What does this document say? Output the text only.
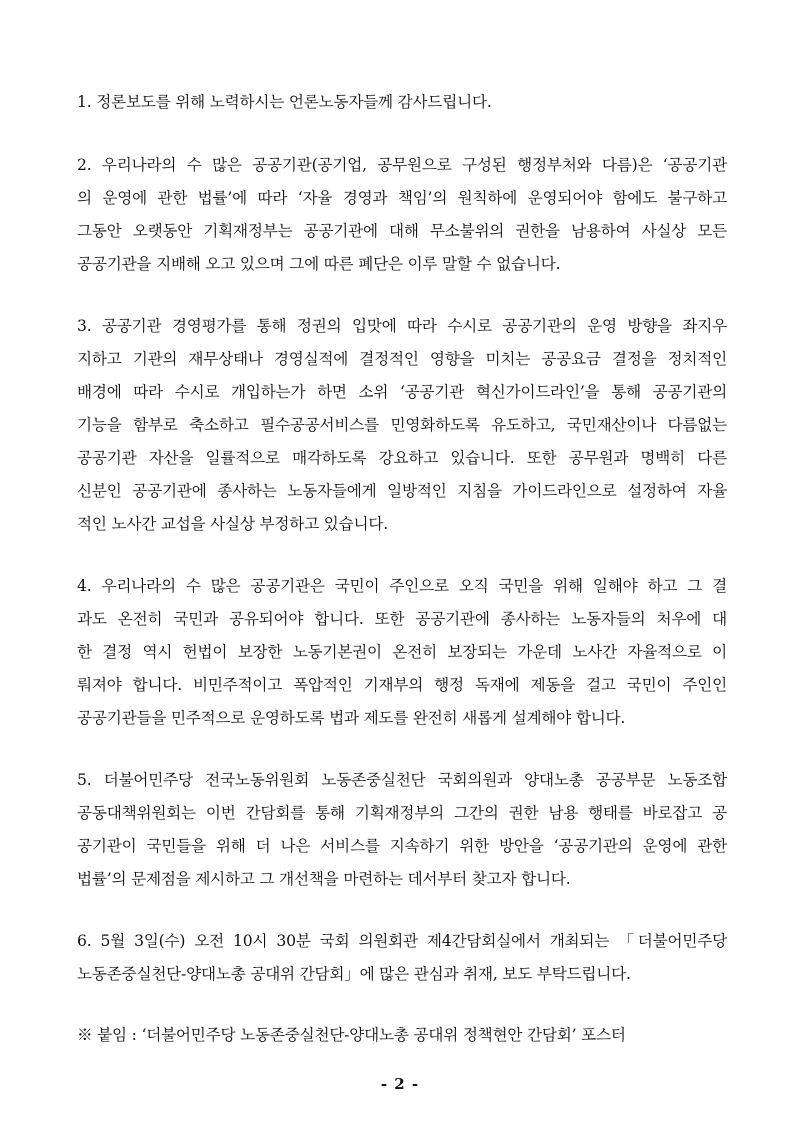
1. 정론보도를 위해 노력하시는 언론노동자들께 감사드립니다.
2. 우리나라의 수 많은 공공기관(공기업, 공무원으로 구성된 행정부처와 다름)은 ‘공공기관
의 운영에 관한 법률’에 따라 ‘자율 경영과 책임’의 원칙하에 운영되어야 함에도 불구하고
그동안 오랫동안 기획재정부는 공공기관에 대해 무소불위의 권한을 남용하여 사실상 모든
공공기관을 지배해 오고 있으며 그에 따른 폐단은 이루 말할 수 없습니다.
3. 공공기관 경영평가를 통해 정권의 입맛에 따라 수시로 공공기관의 운영 방향을 좌지우
지하고 기관의 재무상태나 경영실적에 결정적인 영향을 미치는 공공요금 결정을 정치적인
배경에 따라 수시로 개입하는가 하면 소위 ‘공공기관 혁신가이드라인’을 통해 공공기관의
기능을 함부로 축소하고 필수공공서비스를 민영화하도록 유도하고, 국민재산이나 다름없는
공공기관 자산을 일률적으로 매각하도록 강요하고 있습니다. 또한 공무원과 명백히 다른
신분인 공공기관에 종사하는 노동자들에게 일방적인 지침을 가이드라인으로 설정하여 자율
적인 노사간 교섭을 사실상 부정하고 있습니다.
4. 우리나라의 수 많은 공공기관은 국민이 주인으로 오직 국민을 위해 일해야 하고 그 결
과도 온전히 국민과 공유되어야 합니다. 또한 공공기관에 종사하는 노동자들의 처우에 대
한 결정 역시 헌법이 보장한 노동기본권이 온전히 보장되는 가운데 노사간 자율적으로 이
뤄져야 합니다. 비민주적이고 폭압적인 기재부의 행정 독재에 제동을 걸고 국민이 주인인
공공기관들을 민주적으로 운영하도록 법과 제도를 완전히 새롭게 설계해야 합니다.
5. 더불어민주당 전국노동위원회 노동존중실천단 국회의원과 양대노총 공공부문 노동조합
공동대책위원회는 이번 간담회를 통해 기획재정부의 그간의 권한 남용 행태를 바로잡고 공
공기관이 국민들을 위해 더 나은 서비스를 지속하기 위한 방안을 ‘공공기관의 운영에 관한
법률’의 문제점을 제시하고 그 개선책을 마련하는 데서부터 찾고자 합니다.
6. 5월 3일(수) 오전 10시 30분 국회 의원회관 제4간담회실에서 개최되는 「더불어민주당
노동존중실천단-양대노총 공대위 간담회」에 많은 관심과 취재, 보도 부탁드립니다.
※ 붙임 : ‘더불어민주당 노동존중실천단-양대노총 공대위 정책현안 간담회’ 포스터
- 2 -
